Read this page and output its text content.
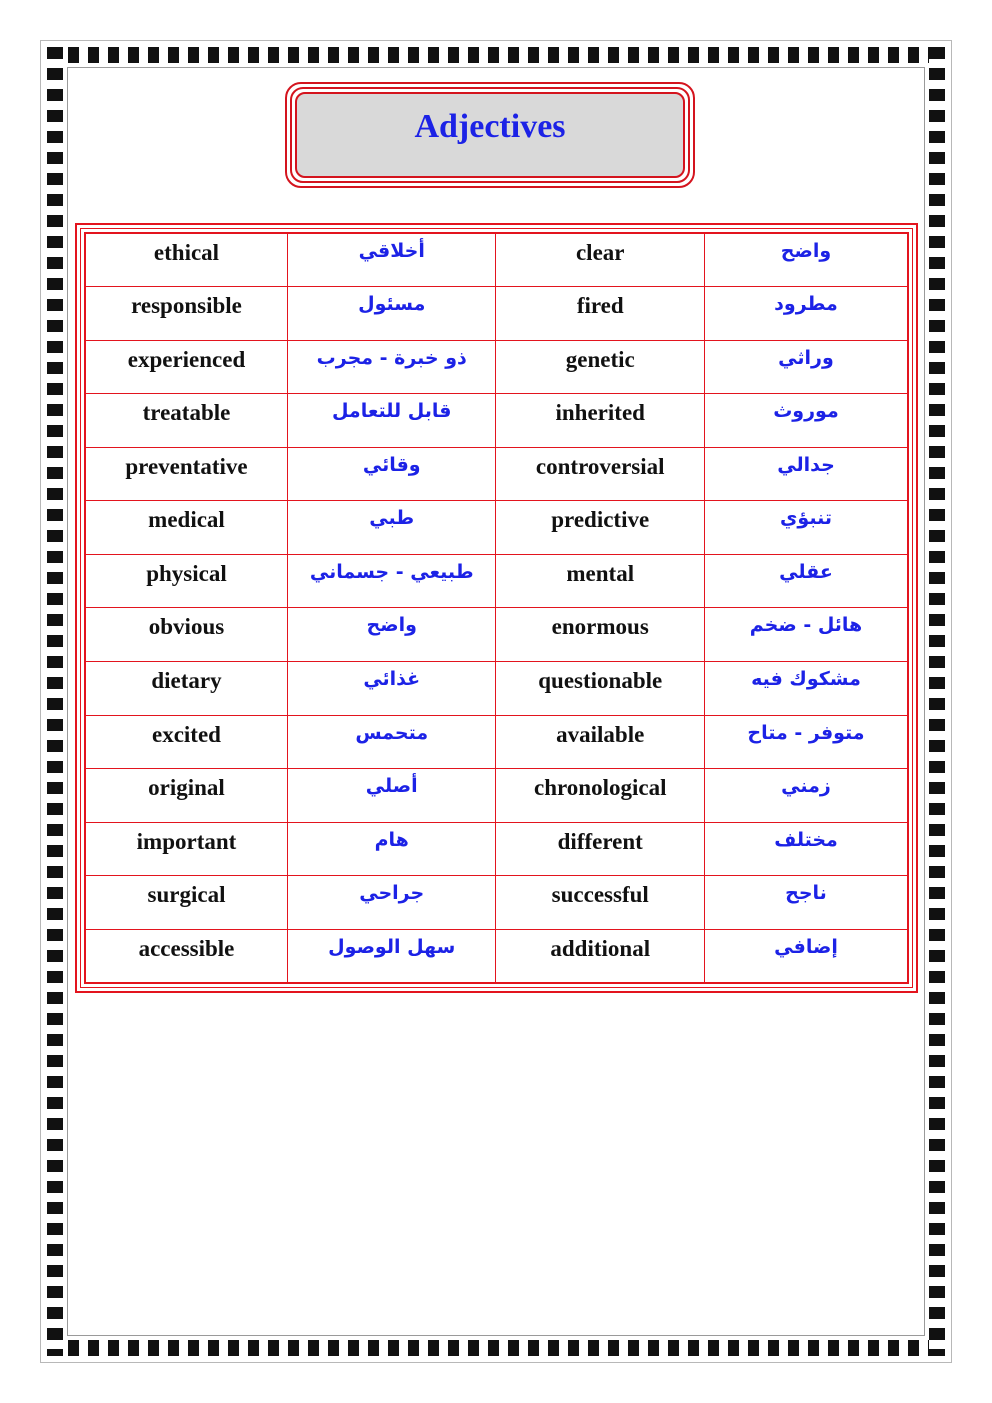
Adjectives
ethical	أخلاقي	clear	واضح
responsible	مسئول	fired	مطرود
experienced	ذو خبرة - مجرب	genetic	وراثي
treatable	قابل للتعامل	inherited	موروث
preventative	وقائي	controversial	جدالي
medical	طبي	predictive	تنبؤي
physical	طبيعي - جسماني	mental	عقلي
obvious	واضح	enormous	هائل - ضخم
dietary	غذائي	questionable	مشكوك فيه
excited	متحمس	available	متوفر - متاح
original	أصلي	chronological	زمني
important	هام	different	مختلف
surgical	جراحي	successful	ناجح
accessible	سهل الوصول	additional	إضافي
